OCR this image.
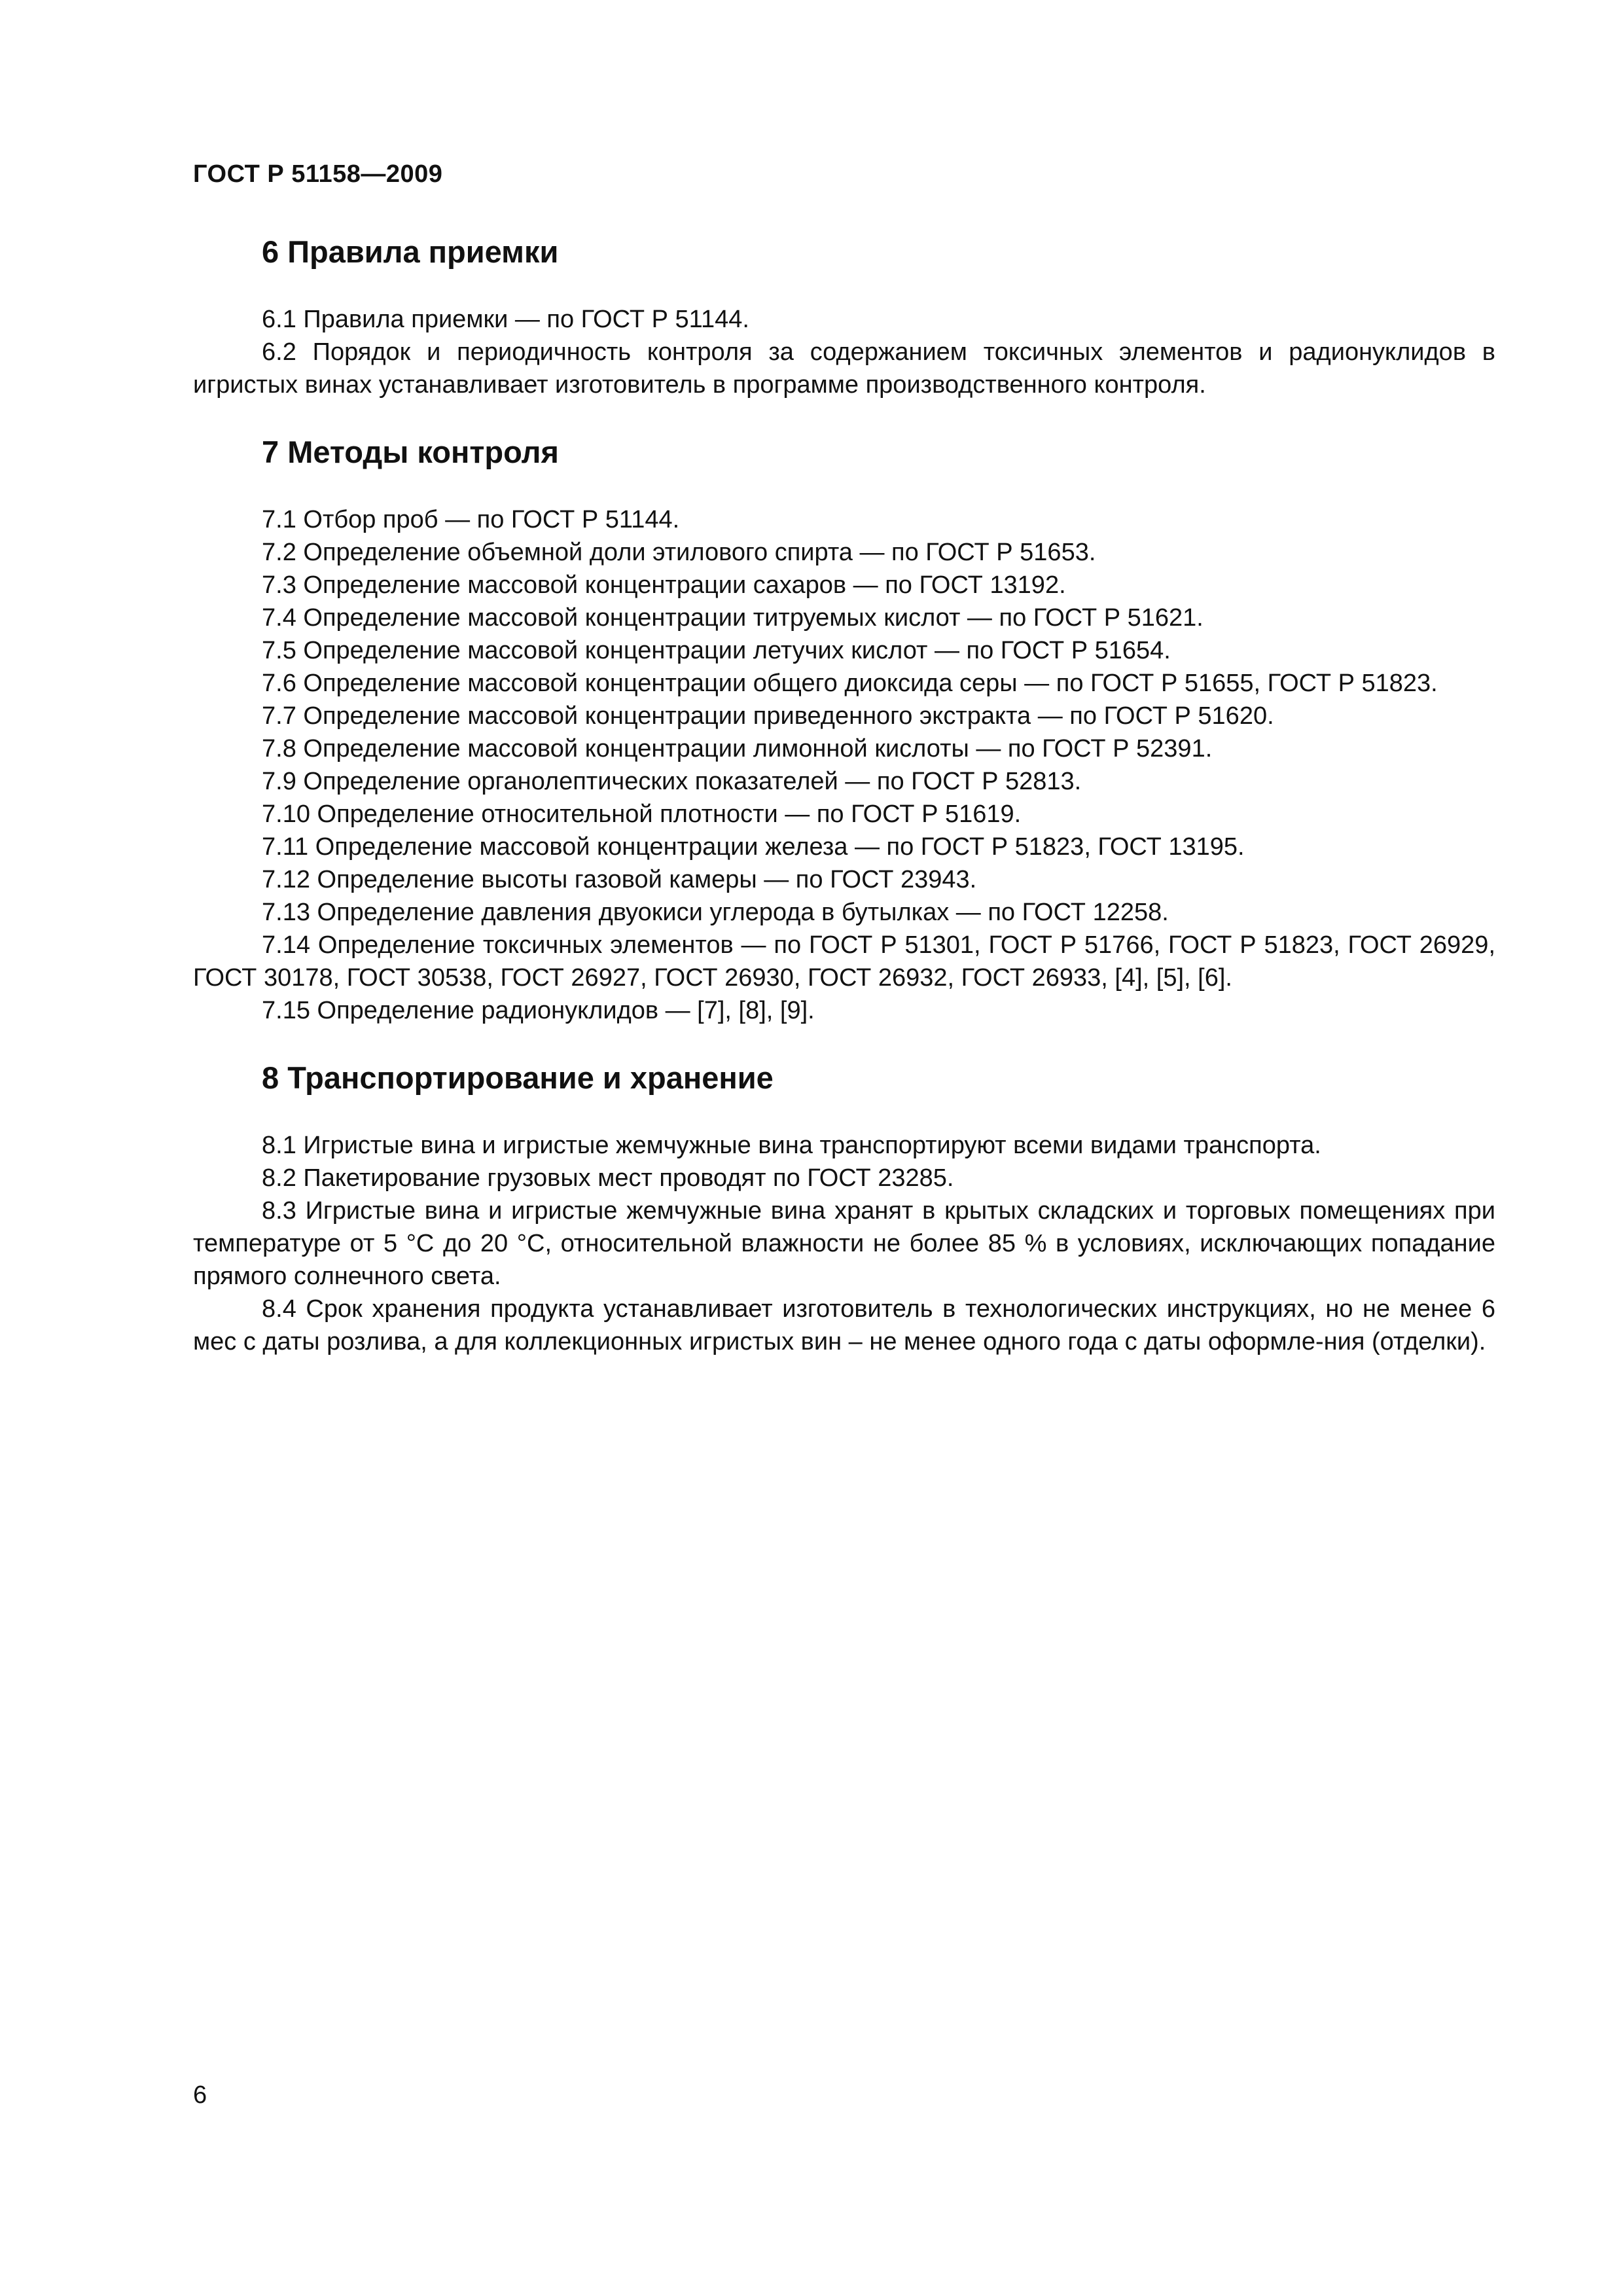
ГОСТ Р 51158—2009
6 Правила приемки

6.1 Правила приемки — по ГОСТ Р 51144.

6.2 Порядок и периодичность контроля за содержанием токсичных элементов и радионуклидов в игристых винах устанавливает изготовитель в программе производственного контроля.

7 Методы контроля

7.1 Отбор проб — по ГОСТ Р 51144.

7.2 Определение объемной доли этилового спирта — по ГОСТ Р 51653.

7.3 Определение массовой концентрации сахаров — по ГОСТ 13192.

7.4 Определение массовой концентрации титруемых кислот — по ГОСТ Р 51621.

7.5 Определение массовой концентрации летучих кислот — по ГОСТ Р 51654.

7.6 Определение массовой концентрации общего диоксида серы — по ГОСТ Р 51655, ГОСТ Р 51823.

7.7 Определение массовой концентрации приведенного экстракта — по ГОСТ Р 51620.

7.8 Определение массовой концентрации лимонной кислоты — по ГОСТ Р 52391.

7.9 Определение органолептических показателей — по ГОСТ Р 52813.

7.10 Определение относительной плотности — по ГОСТ Р 51619.

7.11 Определение массовой концентрации железа — по ГОСТ Р 51823, ГОСТ 13195.

7.12 Определение высоты газовой камеры — по ГОСТ 23943.

7.13 Определение давления двуокиси углерода в бутылках — по ГОСТ 12258.

7.14 Определение токсичных элементов — по ГОСТ Р 51301, ГОСТ Р 51766, ГОСТ Р 51823, ГОСТ 26929, ГОСТ 30178, ГОСТ 30538, ГОСТ 26927, ГОСТ 26930, ГОСТ 26932, ГОСТ 26933, [4], [5], [6].

7.15 Определение радионуклидов — [7], [8], [9].

8 Транспортирование и хранение

8.1 Игристые вина и игристые жемчужные вина транспортируют всеми видами транспорта.

8.2 Пакетирование грузовых мест проводят по ГОСТ 23285.

8.3 Игристые вина и игристые жемчужные вина хранят в крытых складских и торговых помещениях при температуре от 5 °С до 20 °С, относительной влажности не более 85 % в условиях, исключающих попадание прямого солнечного света.

8.4 Срок хранения продукта устанавливает изготовитель в технологических инструкциях, но не менее 6 мес с даты розлива, а для коллекционных игристых вин – не менее одного года с даты оформле-ния (отделки).

6
